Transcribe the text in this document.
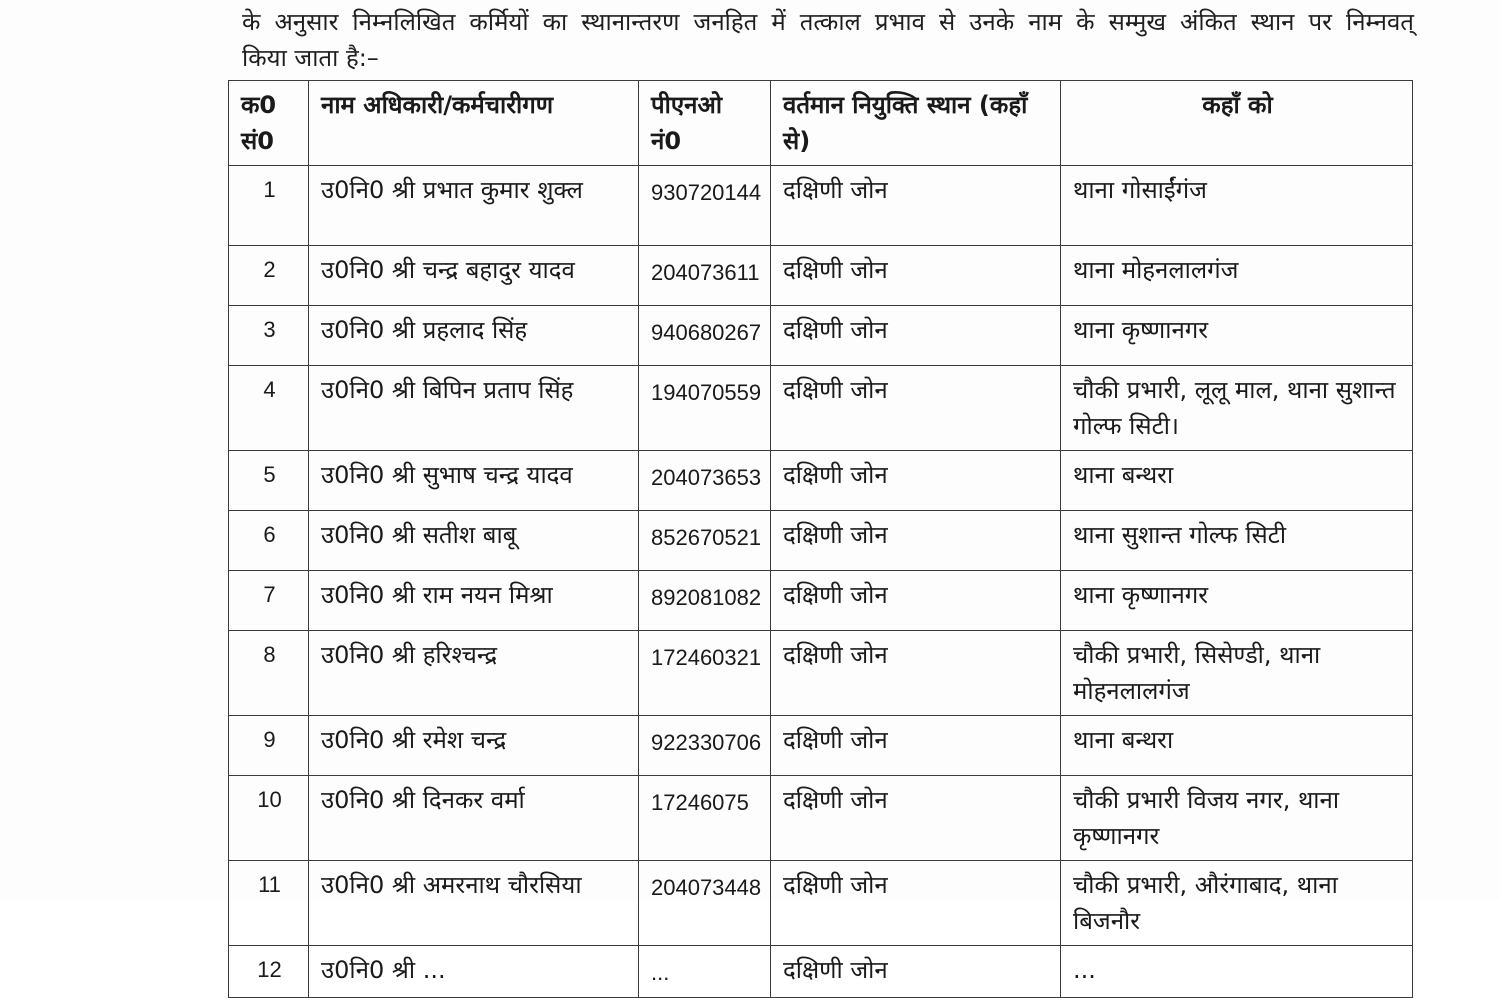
के अनुसार निम्नलिखित कर्मियों का स्थानान्तरण जनहित में तत्काल प्रभाव से उनके नाम के सम्मुख अंकित स्थान पर निम्नवत्
किया जाता है:–
क0 सं0	नाम अधिकारी/कर्मचारीगण	पीएनओ नं0	वर्तमान नियुक्ति स्थान (कहाँ से)	कहाँ को
1	उ0नि0 श्री प्रभात कुमार शुक्ल	930720144	दक्षिणी जोन	थाना गोसाईंगंज
2	उ0नि0 श्री चन्द्र बहादुर यादव	204073611	दक्षिणी जोन	थाना मोहनलालगंज
3	उ0नि0 श्री प्रहलाद सिंह	940680267	दक्षिणी जोन	थाना कृष्णानगर
4	उ0नि0 श्री बिपिन प्रताप सिंह	194070559	दक्षिणी जोन	चौकी प्रभारी, लूलू माल, थाना सुशान्त गोल्फ सिटी।
5	उ0नि0 श्री सुभाष चन्द्र यादव	204073653	दक्षिणी जोन	थाना बन्थरा
6	उ0नि0 श्री सतीश बाबू	852670521	दक्षिणी जोन	थाना सुशान्त गोल्फ सिटी
7	उ0नि0 श्री राम नयन मिश्रा	892081082	दक्षिणी जोन	थाना कृष्णानगर
8	उ0नि0 श्री हरिश्चन्द्र	172460321	दक्षिणी जोन	चौकी प्रभारी, सिसेण्डी, थाना मोहनलालगंज
9	उ0नि0 श्री रमेश चन्द्र	922330706	दक्षिणी जोन	थाना बन्थरा
10	उ0नि0 श्री दिनकर वर्मा	17246075	दक्षिणी जोन	चौकी प्रभारी विजय नगर, थाना कृष्णानगर
11	उ0नि0 श्री अमरनाथ चौरसिया	204073448	दक्षिणी जोन	चौकी प्रभारी, औरंगाबाद, थाना बिजनौर
12	उ0नि0 श्री ...	...	दक्षिणी जोन	...
